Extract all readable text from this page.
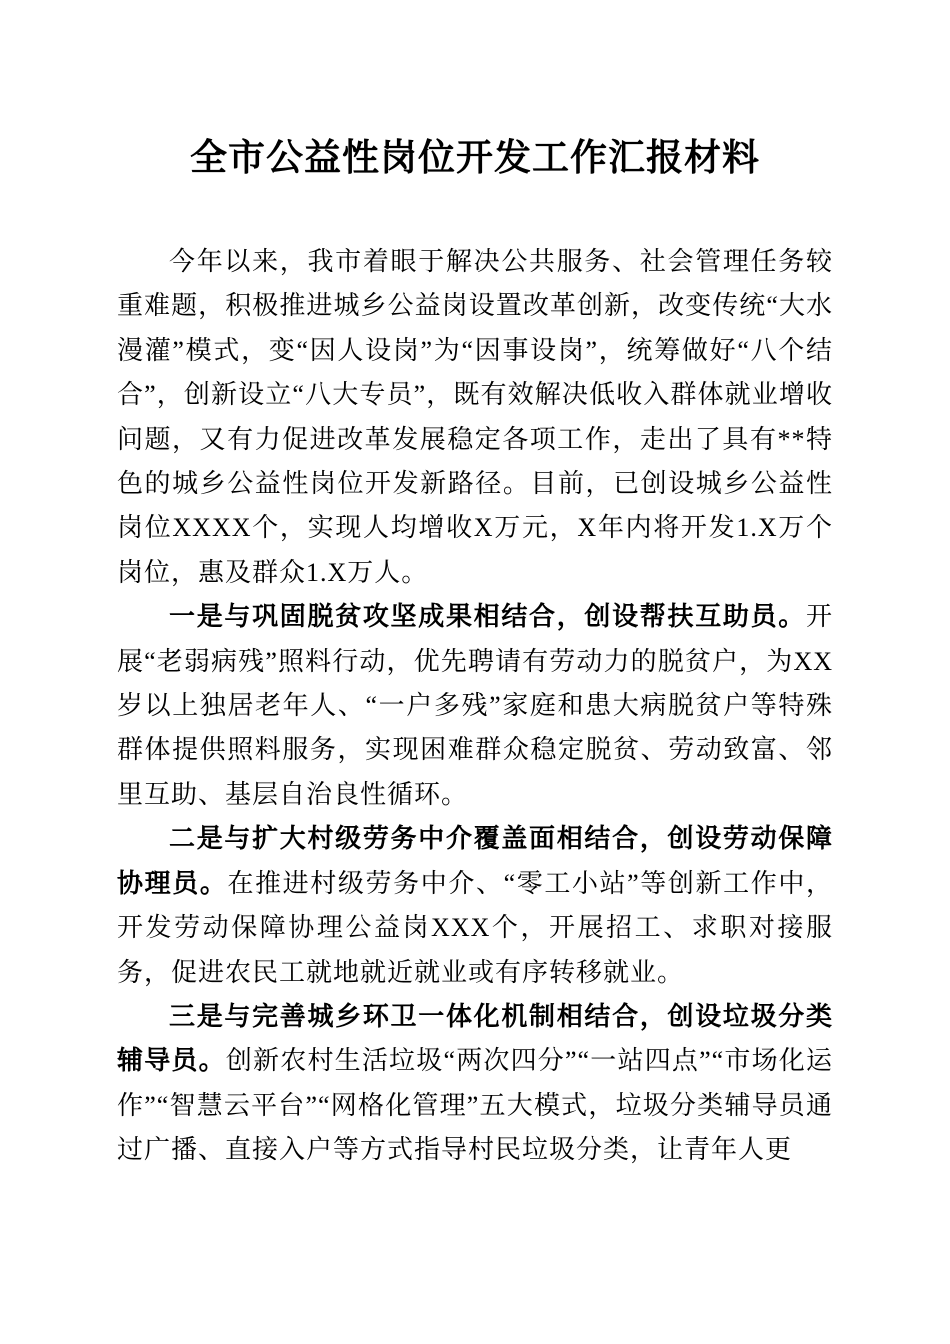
全市公益性岗位开发工作汇报材料

今年以来，我市着眼于解决公共服务、社会管理任务较重难题，积极推进城乡公益岗设置改革创新，改变传统“大水漫灌”模式，变“因人设岗”为“因事设岗”，统筹做好“八个结合”，创新设立“八大专员”，既有效解决低收入群体就业增收问题，又有力促进改革发展稳定各项工作，走出了具有**特色的城乡公益性岗位开发新路径。目前，已创设城乡公益性岗位XXXX个，实现人均增收X万元，X年内将开发1.X万个岗位，惠及群众1.X万人。

一是与巩固脱贫攻坚成果相结合，创设帮扶互助员。开展“老弱病残”照料行动，优先聘请有劳动力的脱贫户，为XX岁以上独居老年人、“一户多残”家庭和患大病脱贫户等特殊群体提供照料服务，实现困难群众稳定脱贫、劳动致富、邻里互助、基层自治良性循环。

二是与扩大村级劳务中介覆盖面相结合，创设劳动保障协理员。在推进村级劳务中介、“零工小站”等创新工作中，开发劳动保障协理公益岗XXX个，开展招工、求职对接服务，促进农民工就地就近就业或有序转移就业。

三是与完善城乡环卫一体化机制相结合，创设垃圾分类辅导员。创新农村生活垃圾“两次四分”“一站四点”“市场化运作”“智慧云平台”“网格化管理”五大模式，垃圾分类辅导员通过广播、直接入户等方式指导村民垃圾分类，让青年人更
